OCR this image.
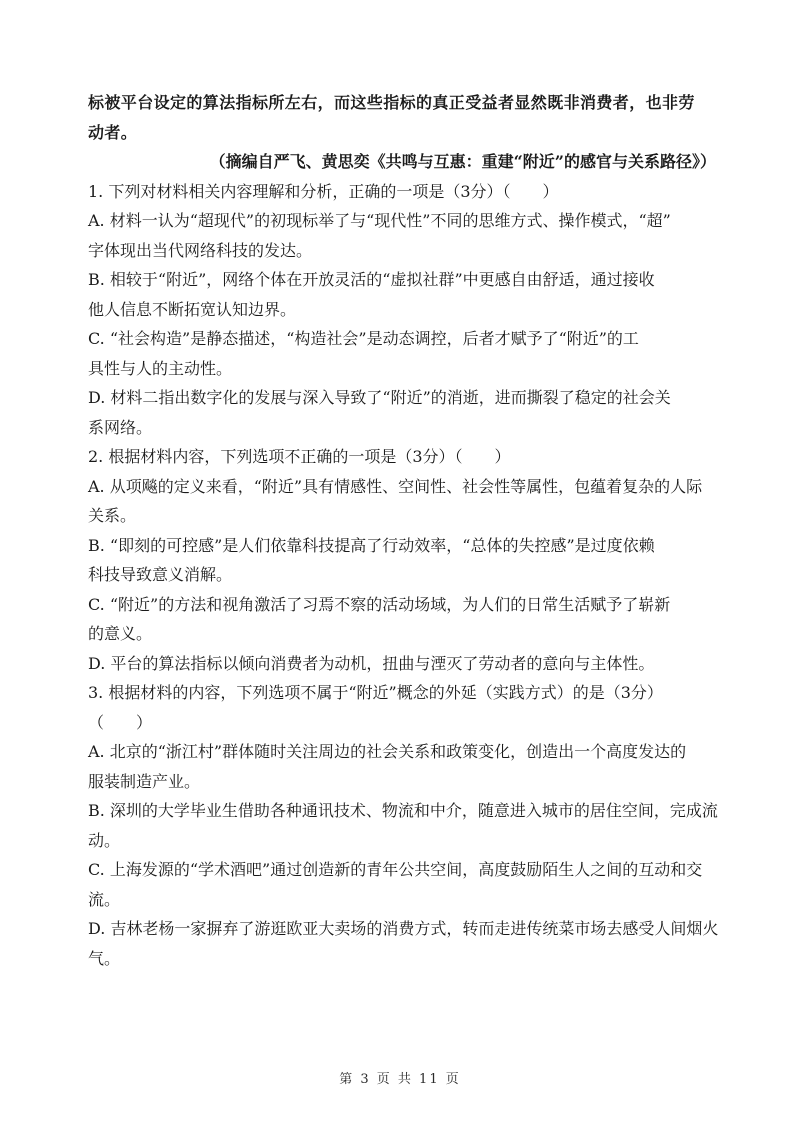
标被平台设定的算法指标所左右，而这些指标的真正受益者显然既非消费者，也非劳
动者。
（摘编自严飞、黄思奕《共鸣与互惠：重建“附近”的感官与关系路径》）
1. 下列对材料相关内容理解和分析，正确的一项是（3分）（　　）
A. 材料一认为“超现代”的初现标举了与“现代性”不同的思维方式、操作模式，“超”
字体现出当代网络科技的发达。
B. 相较于“附近”，网络个体在开放灵活的“虚拟社群”中更感自由舒适，通过接收
他人信息不断拓宽认知边界。
C. “社会构造”是静态描述，“构造社会”是动态调控，后者才赋予了“附近”的工
具性与人的主动性。
D. 材料二指出数字化的发展与深入导致了“附近”的消逝，进而撕裂了稳定的社会关
系网络。
2. 根据材料内容，下列选项不正确的一项是（3分）（　　）
A. 从项飚的定义来看，“附近”具有情感性、空间性、社会性等属性，包蕴着复杂的人际
关系。
B. “即刻的可控感”是人们依靠科技提高了行动效率，“总体的失控感”是过度依赖
科技导致意义消解。
C. “附近”的方法和视角激活了习焉不察的活动场域，为人们的日常生活赋予了崭新
的意义。
D. 平台的算法指标以倾向消费者为动机，扭曲与湮灭了劳动者的意向与主体性。
3. 根据材料的内容，下列选项不属于“附近”概念的外延（实践方式）的是（3分）
（　　）
A. 北京的“浙江村”群体随时关注周边的社会关系和政策变化，创造出一个高度发达的
服装制造产业。
B. 深圳的大学毕业生借助各种通讯技术、物流和中介，随意进入城市的居住空间，完成流
动。
C. 上海发源的“学术酒吧”通过创造新的青年公共空间，高度鼓励陌生人之间的互动和交
流。
D. 吉林老杨一家摒弃了游逛欧亚大卖场的消费方式，转而走进传统菜市场去感受人间烟火
气。
第 3 页 共 11 页
